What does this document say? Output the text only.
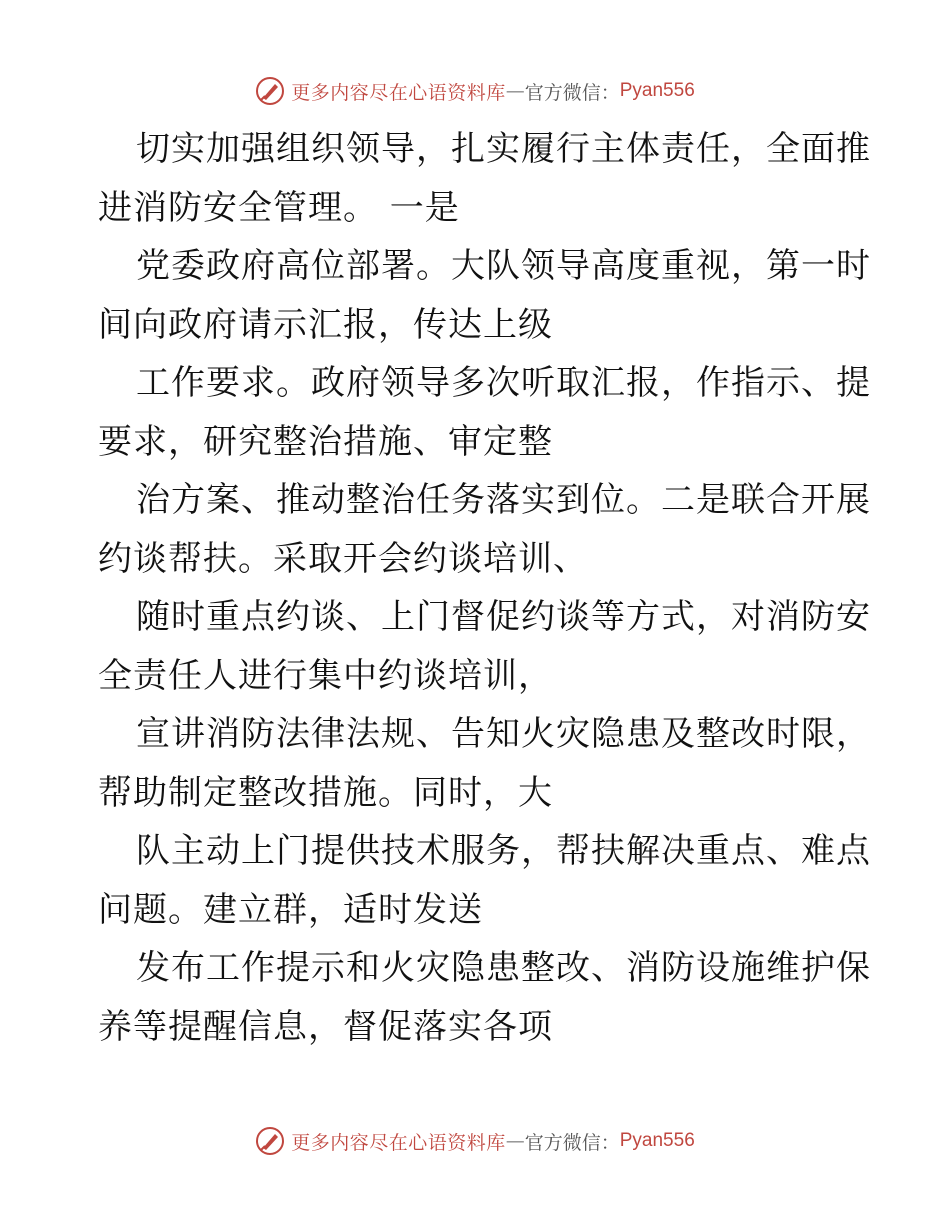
更多内容尽在心语资料库 — 官方微信： Pyan556
切实加强组织领导，扎实履行主体责任，全面推
进消防安全管理。 一是
党委政府高位部署。大队领导高度重视，第一时
间向政府请示汇报，传达上级
工作要求。政府领导多次听取汇报，作指示、提
要求，研究整治措施、审定整
治方案、推动整治任务落实到位。二是联合开展
约谈帮扶。采取开会约谈培训、
随时重点约谈、上门督促约谈等方式，对消防安
全责任人进行集中约谈培训，
宣讲消防法律法规、告知火灾隐患及整改时限，
帮助制定整改措施。同时，大
队主动上门提供技术服务，帮扶解决重点、难点
问题。建立群，适时发送
发布工作提示和火灾隐患整改、消防设施维护保
养等提醒信息，督促落实各项
更多内容尽在心语资料库 — 官方微信： Pyan556
